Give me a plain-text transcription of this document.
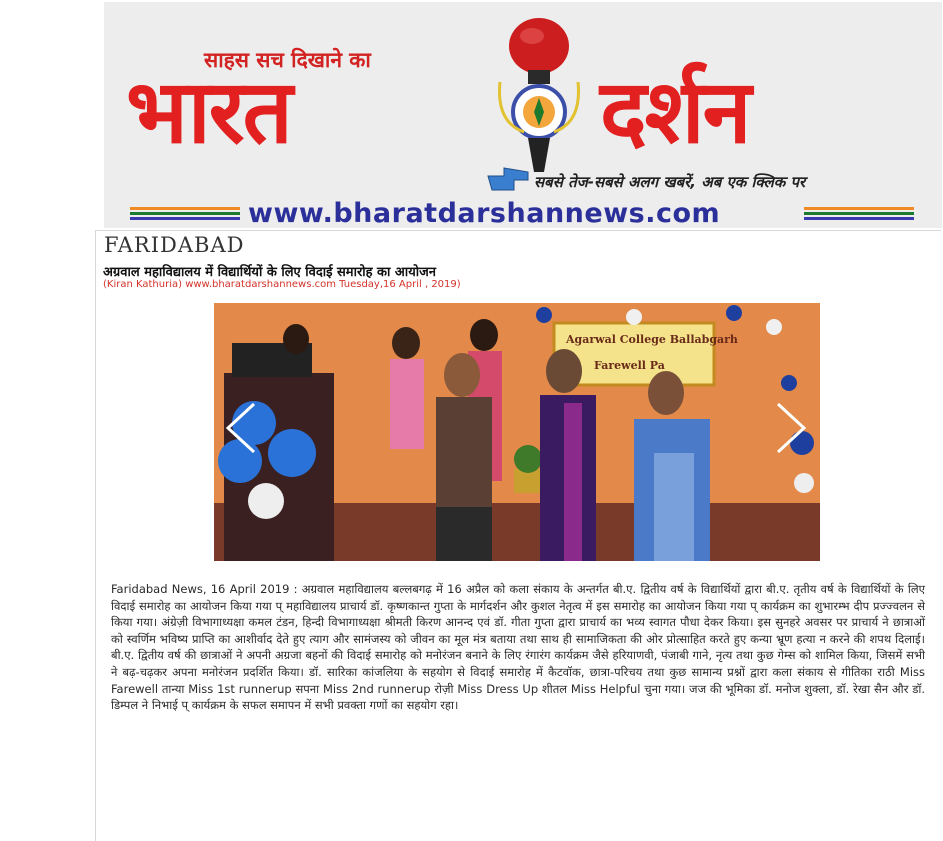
साहस सच दिखाने का
भारत	दर्शन
सबसे तेज-सबसे अलग खबरें, अब एक क्लिक पर
www.bharatdarshannews.com
FARIDABAD
अग्रवाल महाविद्यालय में विद्यार्थियों के लिए विदाई समारोह का आयोजन
(Kiran Kathuria) www.bharatdarshannews.com Tuesday,16 April , 2019)
Agarwal College Ballabgarh
Farewell Pa
Faridabad News, 16 April 2019 : अग्रवाल महाविद्यालय बल्लबगढ़ में 16 अप्रैल को कला संकाय के अन्तर्गत बी.ए. द्वितीय वर्ष के विद्यार्थियों द्वारा बी.ए. तृतीय वर्ष के विद्यार्थियों के लिए विदाई समारोह का आयोजन किया गया प् महाविद्यालय प्राचार्य डॉ. कृष्णकान्त गुप्ता के मार्गदर्शन और कुशल नेतृत्व में इस समारोह का आयोजन किया गया प् कार्यक्रम का शुभारम्भ दीप प्रज्ज्वलन से किया गया। अंग्रेज़ी विभागाध्यक्षा कमल टंडन, हिन्दी विभागाध्यक्षा श्रीमती किरण आनन्द एवं डॉ. गीता गुप्ता द्वारा प्राचार्य का भव्य स्वागत पौधा देकर किया। इस सुनहरे अवसर पर प्राचार्य ने छात्राओं को स्वर्णिम भविष्य प्राप्ति का आशीर्वाद देते हुए त्याग और सामंजस्य को जीवन का मूल मंत्र बताया तथा साथ ही सामाजिकता की ओर प्रोत्साहित करते हुए कन्या भ्रूण हत्या न करने की शपथ दिलाई। बी.ए. द्वितीय वर्ष की छात्राओं ने अपनी अग्रजा बहनों की विदाई समारोह को मनोरंजन बनाने के लिए रंगारंग कार्यक्रम जैसे हरियाणवी, पंजाबी गाने, नृत्य तथा कुछ गेम्स को शामिल किया, जिसमें सभी ने बढ़-चढ़कर अपना मनोरंजन प्रदर्शित किया। डॉ. सारिका कांजलिया के सहयोग से विदाई समारोह में कैटवॉक, छात्रा-परिचय तथा कुछ सामान्य प्रश्नों द्वारा कला संकाय से गीतिका राठी Miss Farewell तान्या Miss 1st runnerup सपना Miss 2nd runnerup रोज़ी Miss Dress Up शीतल Miss Helpful चुना गया। जज की भूमिका डॉ. मनोज शुक्ला, डॉ. रेखा सैन और डॉ. डिम्पल ने निभाई प् कार्यक्रम के सफल समापन में सभी प्रवक्ता गणों का सहयोग रहा।
